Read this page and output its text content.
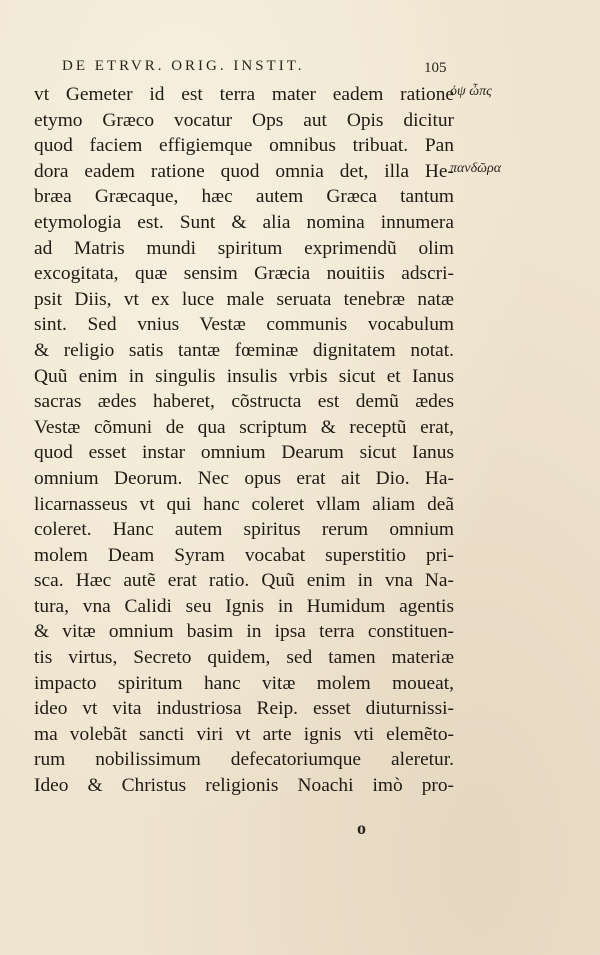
DE ETRVR. ORIG. INSTIT.	105
vt Gemeter id est terra mater eadem ratione
etymo Græco vocatur Ops aut Opis dicitur
quod faciem effigiemque omnibus tribuat. Pan
dora eadem ratione quod omnia det, illa He-
bræa Græcaque, hæc autem Græca tantum
etymologia est. Sunt & alia nomina innumera
ad Matris mundi spiritum exprimendũ olim
excogitata, quæ sensim Græcia nouitiis adscri-
psit Diis, vt ex luce male seruata tenebræ natæ
sint. Sed vnius Vestæ communis vocabulum
& religio satis tantæ fœminæ dignitatem notat.
Quũ enim in singulis insulis vrbis sicut et Ianus
sacras ædes haberet, cõstructa est demũ ædes
Vestæ cõmuni de qua scriptum & receptũ erat,
quod esset instar omnium Dearum sicut Ianus
omnium Deorum. Nec opus erat ait Dio. Ha-
licarnasseus vt qui hanc coleret vllam aliam deã
coleret. Hanc autem spiritus rerum omnium
molem Deam Syram vocabat superstitio pri-
sca. Hæc autẽ erat ratio. Quũ enim in vna Na-
tura, vna Calidi seu Ignis in Humidum agentis
& vitæ omnium basim in ipsa terra constituen-
tis virtus, Secreto quidem, sed tamen materiæ
impacto spiritum hanc vitæ molem moueat,
ideo vt vita industriosa Reip. esset diuturnissi-
ma volebãt sancti viri vt arte ignis vti elemẽto-
rum nobilissimum defecatoriumque aleretur.
Ideo & Christus religionis Noachi imò pro-
ὀψ ὦπς
πανδῶρα
o
